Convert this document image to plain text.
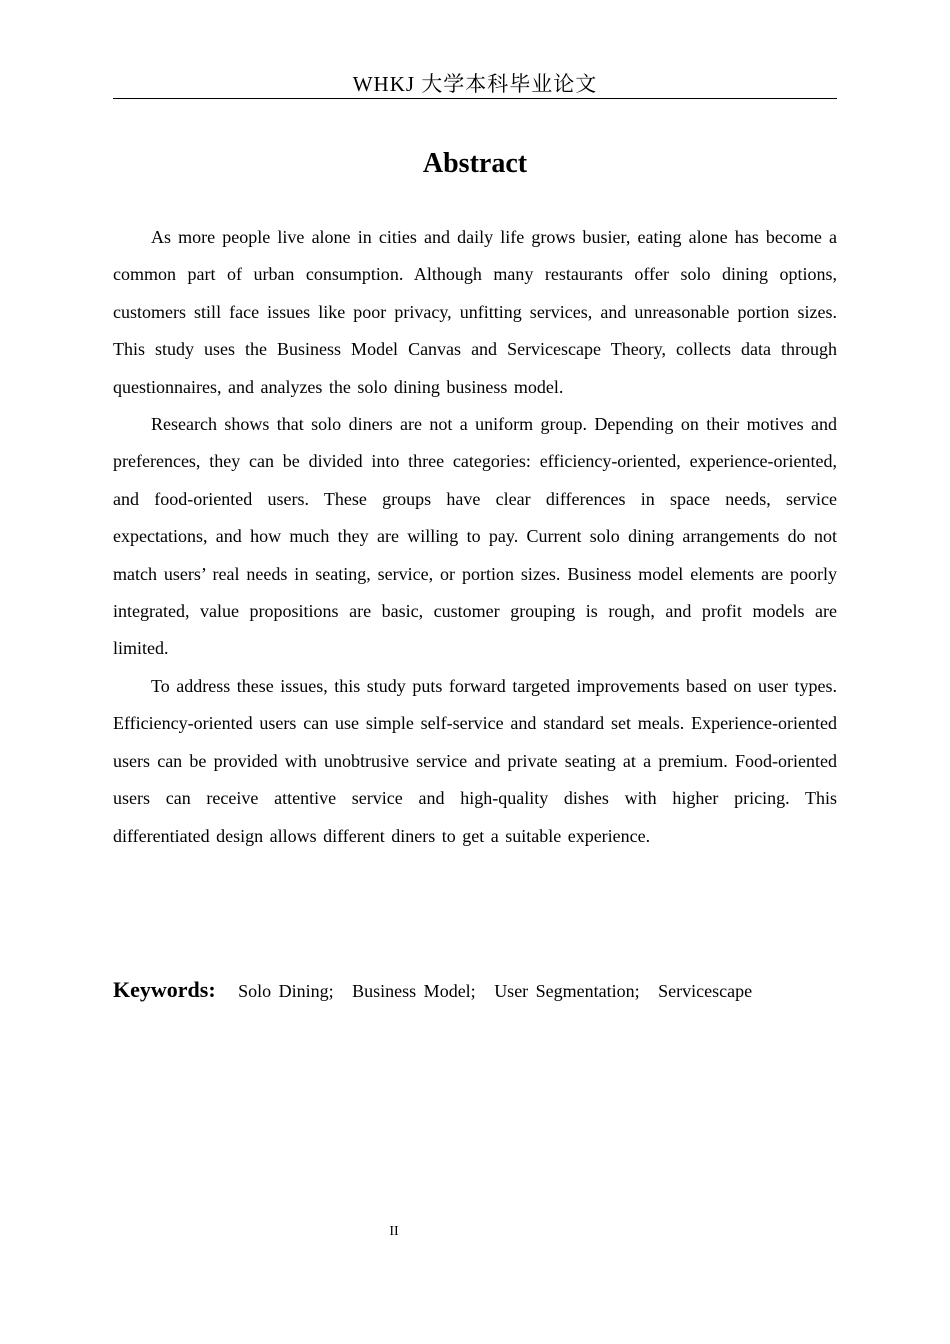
WHKJ 大学本科毕业论文
Abstract

As more people live alone in cities and daily life grows busier, eating alone has become a common part of urban consumption. Although many restaurants offer solo dining options, customers still face issues like poor privacy, unfitting services, and unreasonable portion sizes. This study uses the Business Model Canvas and Servicescape Theory, collects data through questionnaires, and analyzes the solo dining business model.

Research shows that solo diners are not a uniform group. Depending on their motives and preferences, they can be divided into three categories: efficiency-oriented, experience-oriented, and food-oriented users. These groups have clear differences in space needs, service expectations, and how much they are willing to pay. Current solo dining arrangements do not match users’ real needs in seating, service, or portion sizes. Business model elements are poorly integrated, value propositions are basic, customer grouping is rough, and profit models are limited.

To address these issues, this study puts forward targeted improvements based on user types. Efficiency-oriented users can use simple self-service and standard set meals. Experience-oriented users can be provided with unobtrusive service and private seating at a premium. Food-oriented users can receive attentive service and high-quality dishes with higher pricing. This differentiated design allows different diners to get a suitable experience.

Keywords: Solo Dining; Business Model; User Segmentation; Servicescape
II
